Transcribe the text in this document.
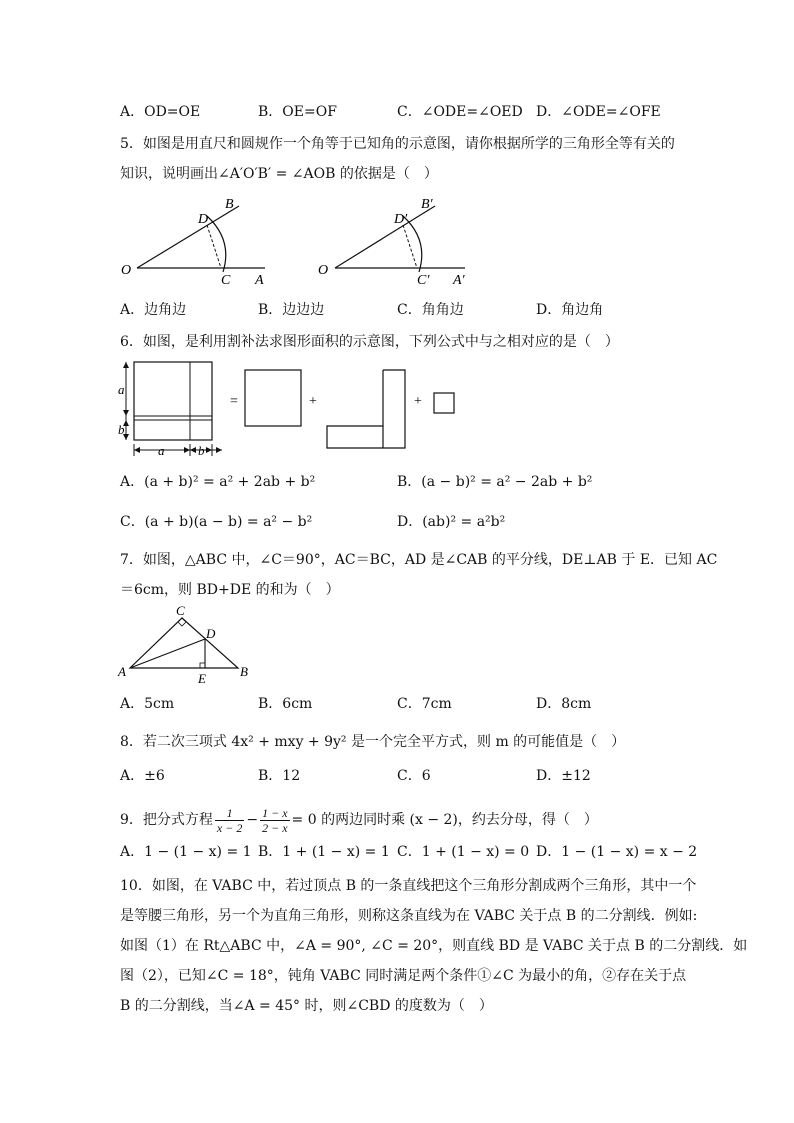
A．OD=OE	B．OE=OF	C．∠ODE=∠OED D．∠ODE=∠OFE
5．如图是用直尺和圆规作一个角等于已知角的示意图，请你根据所学的三角形全等有关的
知识，说明画出∠A′O′B′ = ∠AOB 的依据是（　）
O
A
B
C
D
O
A′
B′
C′
D′
A．边角边	B．边边边	C．角角边	D．角边角
6．如图，是利用割补法求图形面积的示意图，下列公式中与之相对应的是（　）
a
b
a	b
=	+	+
A．(a + b)² = a² + 2ab + b²	B．(a − b)² = a² − 2ab + b²
C．(a + b)(a − b) = a² − b²	D．(ab)² = a²b²
7．如图，△ABC 中，∠C＝90°，AC＝BC，AD 是∠CAB 的平分线，DE⊥AB 于 E．已知 AC
＝6cm，则 BD+DE 的和为（　）
A	B
C
D
E
A．5cm	B．6cm	C．7cm	D．8cm
8．若二次三项式 4x² + mxy + 9y² 是一个完全平方式，则 m 的可能值是（　）
A．±6	B．12	C．6	D．±12
9．把分式方程 $\frac{1}{x - 2} - \frac{1 - x}{2 - x} = 0$ 的两边同时乘 (x − 2)，约去分母，得（　）
A．1 − (1 − x) = 1 B．1 + (1 − x) = 1 C．1 + (1 − x) = 0 D．1 − (1 − x) = x − 2
10．如图，在 VABC 中，若过顶点 B 的一条直线把这个三角形分割成两个三角形，其中一个
是等腰三角形，另一个为直角三角形，则称这条直线为在 VABC 关于点 B 的二分割线．例如:
如图（1）在 Rt△ABC 中，∠A = 90°, ∠C = 20°，则直线 BD 是 VABC 关于点 B 的二分割线．如
图（2），已知∠C = 18°，钝角 VABC 同时满足两个条件①∠C 为最小的角，②存在关于点
B 的二分割线，当∠A = 45° 时，则∠CBD 的度数为（　）
